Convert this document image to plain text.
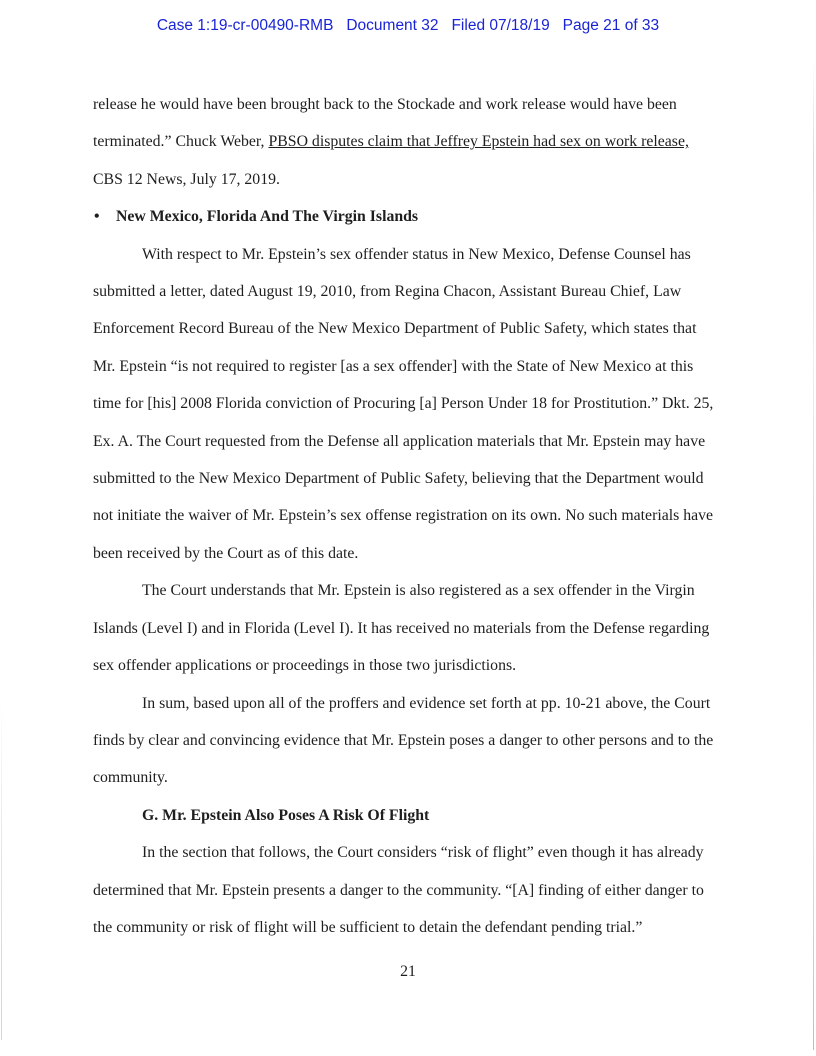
Case 1:19-cr-00490-RMB Document 32 Filed 07/18/19 Page 21 of 33

release he would have been brought back to the Stockade and work release would have been terminated.” Chuck Weber, PBSO disputes claim that Jeffrey Epstein had sex on work release, CBS 12 News, July 17, 2019.

• New Mexico, Florida And The Virgin Islands

With respect to Mr. Epstein’s sex offender status in New Mexico, Defense Counsel has submitted a letter, dated August 19, 2010, from Regina Chacon, Assistant Bureau Chief, Law Enforcement Record Bureau of the New Mexico Department of Public Safety, which states that Mr. Epstein “is not required to register [as a sex offender] with the State of New Mexico at this time for [his] 2008 Florida conviction of Procuring [a] Person Under 18 for Prostitution.” Dkt. 25, Ex. A. The Court requested from the Defense all application materials that Mr. Epstein may have submitted to the New Mexico Department of Public Safety, believing that the Department would not initiate the waiver of Mr. Epstein’s sex offense registration on its own. No such materials have been received by the Court as of this date.

The Court understands that Mr. Epstein is also registered as a sex offender in the Virgin Islands (Level I) and in Florida (Level I). It has received no materials from the Defense regarding sex offender applications or proceedings in those two jurisdictions.

In sum, based upon all of the proffers and evidence set forth at pp. 10-21 above, the Court finds by clear and convincing evidence that Mr. Epstein poses a danger to other persons and to the community.

G. Mr. Epstein Also Poses A Risk Of Flight

In the section that follows, the Court considers “risk of flight” even though it has already determined that Mr. Epstein presents a danger to the community. “[A] finding of either danger to the community or risk of flight will be sufficient to detain the defendant pending trial.”

21
